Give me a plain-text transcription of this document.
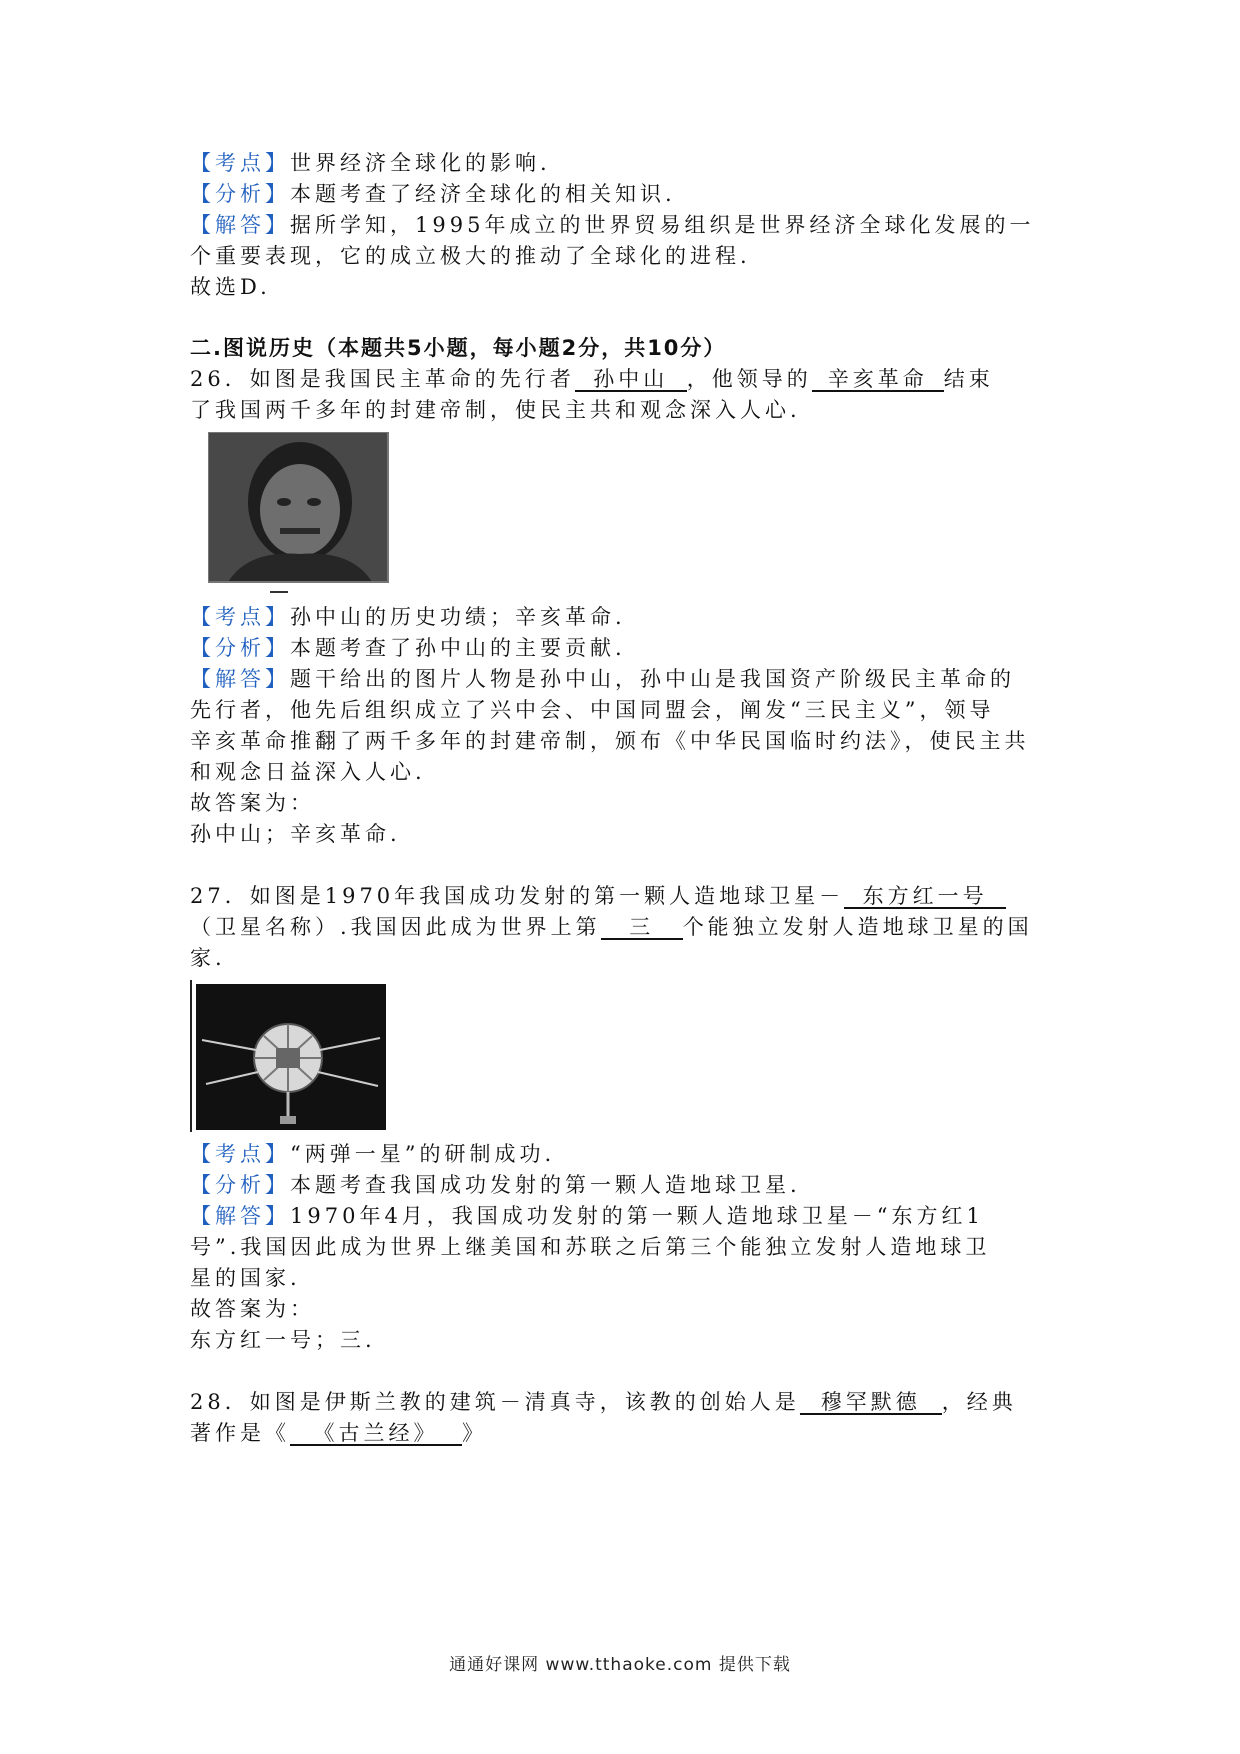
【考点】世界经济全球化的影响.
【分析】本题考查了经济全球化的相关知识.
【解答】据所学知，1995年成立的世界贸易组织是世界经济全球化发展的一
个重要表现，它的成立极大的推动了全球化的进程.
故选D.
二.图说历史（本题共5小题，每小题2分，共10分）
26．如图是我国民主革命的先行者 孙中山 ，他领导的 辛亥革命 结束
了我国两千多年的封建帝制，使民主共和观念深入人心.
【考点】孙中山的历史功绩；辛亥革命.
【分析】本题考查了孙中山的主要贡献.
【解答】题干给出的图片人物是孙中山，孙中山是我国资产阶级民主革命的
先行者，他先后组织成立了兴中会、中国同盟会，阐发“三民主义”，领导
辛亥革命推翻了两千多年的封建帝制，颁布《中华民国临时约法》，使民主共
和观念日益深入人心.
故答案为：
孙中山；辛亥革命.
27．如图是1970年我国成功发射的第一颗人造地球卫星－ 东方红一号
（卫星名称）.我国因此成为世界上第 三 个能独立发射人造地球卫星的国
家.
【考点】“两弹一星”的研制成功.
【分析】本题考查我国成功发射的第一颗人造地球卫星.
【解答】1970年4月，我国成功发射的第一颗人造地球卫星－“东方红1
号”.我国因此成为世界上继美国和苏联之后第三个能独立发射人造地球卫
星的国家.
故答案为：
东方红一号；三.
28．如图是伊斯兰教的建筑－清真寺，该教的创始人是 穆罕默德 ，经典
著作是《 《古兰经》 》
通通好课网 www.tthaoke.com 提供下载
